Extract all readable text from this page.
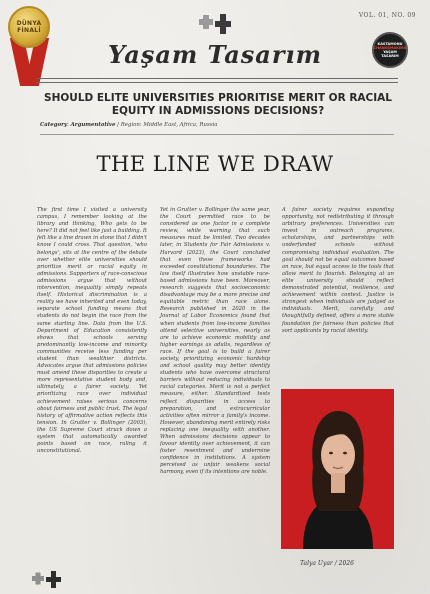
DÜNYA
FİNALİ
VOL. 01, NO. 09
Yaşam Tasarım	KASTAMONU
CHANGEMAKERS
YAŞAM TASARIM
SHOULD ELITE UNIVERSITIES PRIORITISE MERIT OR RACIAL EQUITY IN ADMISSIONS DECISIONS?
Category: Argumentative / Region: Middle East, Africa, Russia
THE LINE WE DRAW

The first time I visited a university campus, I remember looking at the library and thinking, Who gets to be here? It did not feel like just a building. It felt like a line drawn in stone that I didn't know I could cross. That question, 'who belongs', sits at the centre of the debate over whether elite universities should prioritize merit or racial equity in admissions. Supporters of race-conscious admissions argue that without intervention, inequality simply repeats itself. Historical discrimination is a reality we have inherited and even today, separate school funding means that students do not begin the race from the same starting line. Data from the U.S. Department of Education consistently shows that schools serving predominantly low-income and minority communities receive less funding per student than wealthier districts. Advocates argue that admissions policies must amend these disparities to create a more representative student body and, ultimately, a fairer society. Yet prioritizing race over individual achievement raises serious concerns about fairness and public trust. The legal history of affirmative action reflects this tension. In Grutter v. Bollinger (2003), the US Supreme Court struck down a system that automatically awarded points based on race, ruling it unconstitutional.

Yet in Grutter v. Bollinger the same year, the Court permitted race to be considered as one factor in a complete review, while warning that such measures must be limited. Two decades later, in Students for Fair Admissions v. Harvard (2023), the Court concluded that even these frameworks had exceeded constitutional boundaries. The law itself illustrates how unstable race-based admissions have been. Moreover, research suggests that socioeconomic disadvantage may be a more precise and equitable metric than race alone. Research published in 2020 in the Journal of Labor Economics found that when students from low-income families attend selective universities, nearly as are to achieve economic mobility and higher earnings as adults, regardless of race. If the goal is to build a fairer society, prioritizing economic hardship and school quality may better identify students who have overcome structural barriers without reducing individuals to racial categories. Merit is not a perfect measure, either. Standardized tests reflect disparities in access to preparation, and extracurricular activities often mirror a family's income. However, abandoning merit entirely risks replacing one inequality with another. When admissions decisions appear to favour identity over achievement, it can foster resentment and undermine confidence in institutions. A system perceived as unfair weakens social harmony, even if its intentions are noble.

A fairer society requires expanding opportunity, not redistributing it through arbitrary preferences. Universities can invest in outreach programs, scholarships, and partnerships with underfunded schools without compromising individual evaluation. The goal should not be equal outcomes based on race, but equal access to the tools that allow merit to flourish. Belonging at an elite university should reflect demonstrated potential, resilience, and achievement within context. Justice is strongest when individuals are judged as individuals. Merit, carefully and thoughtfully defined, offers a more stable foundation for fairness than policies that sort applicants by racial identity.

Talya Uyar / 2026
